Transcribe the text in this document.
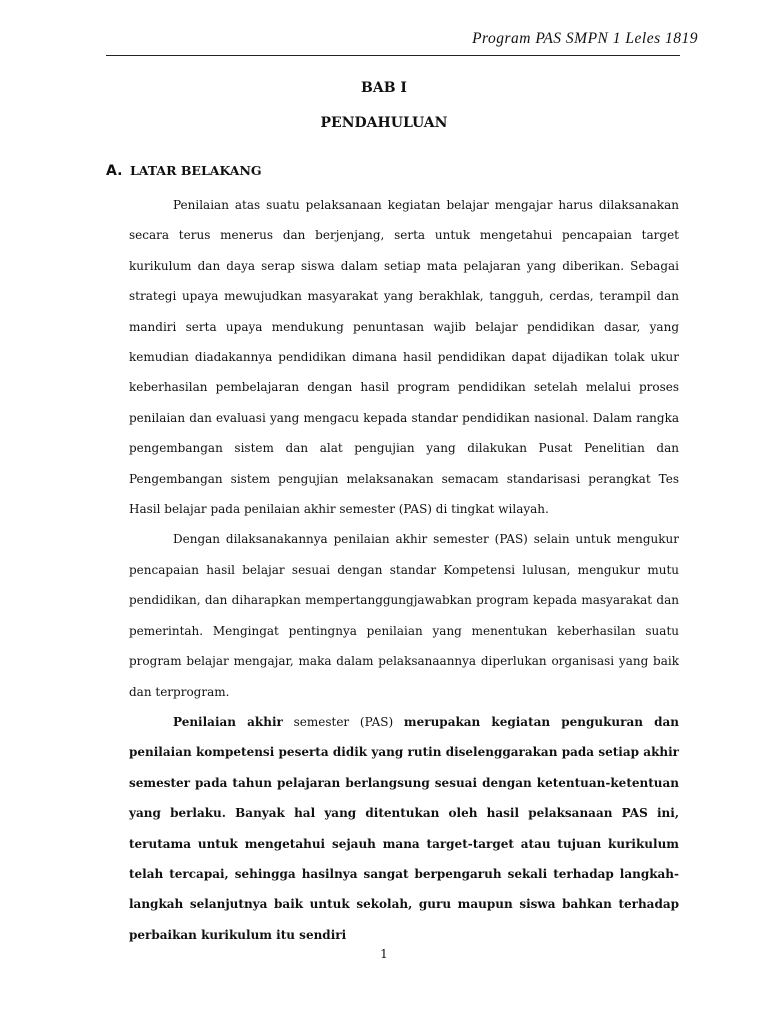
Program PAS SMPN 1 Leles 1819
BAB I
PENDAHULUAN
A. LATAR BELAKANG

Penilaian atas suatu pelaksanaan kegiatan belajar mengajar harus dilaksanakan secara terus menerus dan berjenjang, serta untuk mengetahui pencapaian target kurikulum dan daya serap siswa dalam setiap mata pelajaran yang diberikan. Sebagai strategi upaya mewujudkan masyarakat yang berakhlak, tangguh, cerdas, terampil dan mandiri serta upaya mendukung penuntasan wajib belajar pendidikan dasar, yang kemudian diadakannya pendidikan dimana hasil pendidikan dapat dijadikan tolak ukur keberhasilan pembelajaran dengan hasil program pendidikan setelah melalui proses penilaian dan evaluasi yang mengacu kepada standar pendidikan nasional. Dalam rangka pengembangan sistem dan alat pengujian yang dilakukan Pusat Penelitian dan Pengembangan sistem pengujian melaksanakan semacam standarisasi perangkat Tes Hasil belajar pada penilaian akhir semester (PAS) di tingkat wilayah.

Dengan dilaksanakannya penilaian akhir semester (PAS) selain untuk mengukur pencapaian hasil belajar sesuai dengan standar Kompetensi lulusan, mengukur mutu pendidikan, dan diharapkan mempertanggungjawabkan program kepada masyarakat dan pemerintah. Mengingat pentingnya penilaian yang menentukan keberhasilan suatu program belajar mengajar, maka dalam pelaksanaannya diperlukan organisasi yang baik dan terprogram.

Penilaian akhir semester (PAS) merupakan kegiatan pengukuran dan penilaian kompetensi peserta didik yang rutin diselenggarakan pada setiap akhir semester pada tahun pelajaran berlangsung sesuai dengan ketentuan-ketentuan yang berlaku. Banyak hal yang ditentukan oleh hasil pelaksanaan PAS ini, terutama untuk mengetahui sejauh mana target-target atau tujuan kurikulum telah tercapai, sehingga hasilnya sangat berpengaruh sekali terhadap langkah-langkah selanjutnya baik untuk sekolah, guru maupun siswa bahkan terhadap perbaikan kurikulum itu sendiri

1
